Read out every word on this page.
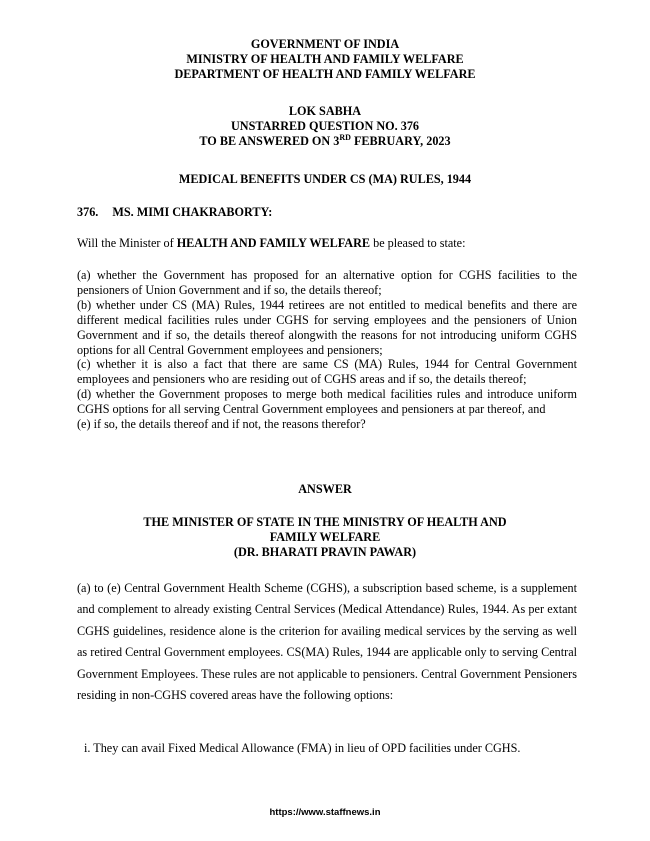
GOVERNMENT OF INDIA
MINISTRY OF HEALTH AND FAMILY WELFARE
DEPARTMENT OF HEALTH AND FAMILY WELFARE
LOK SABHA
UNSTARRED QUESTION NO. 376
TO BE ANSWERED ON 3RD FEBRUARY, 2023
MEDICAL BENEFITS UNDER CS (MA) RULES, 1944
376. MS. MIMI CHAKRABORTY:
Will the Minister of HEALTH AND FAMILY WELFARE be pleased to state:

(a) whether the Government has proposed for an alternative option for CGHS facilities to the pensioners of Union Government and if so, the details thereof;

(b) whether under CS (MA) Rules, 1944 retirees are not entitled to medical benefits and there are different medical facilities rules under CGHS for serving employees and the pensioners of Union Government and if so, the details thereof alongwith the reasons for not introducing uniform CGHS options for all Central Government employees and pensioners;

(c) whether it is also a fact that there are same CS (MA) Rules, 1944 for Central Government employees and pensioners who are residing out of CGHS areas and if so, the details thereof;

(d) whether the Government proposes to merge both medical facilities rules and introduce uniform CGHS options for all serving Central Government employees and pensioners at par thereof, and

(e) if so, the details thereof and if not, the reasons therefor?

ANSWER
THE MINISTER OF STATE IN THE MINISTRY OF HEALTH AND
FAMILY WELFARE
(DR. BHARATI PRAVIN PAWAR)
(a) to (e) Central Government Health Scheme (CGHS), a subscription based scheme, is a supplement and complement to already existing Central Services (Medical Attendance) Rules, 1944. As per extant CGHS guidelines, residence alone is the criterion for availing medical services by the serving as well as retired Central Government employees. CS(MA) Rules, 1944 are applicable only to serving Central Government Employees. These rules are not applicable to pensioners. Central Government Pensioners residing in non-CGHS covered areas have the following options:
i. They can avail Fixed Medical Allowance (FMA) in lieu of OPD facilities under CGHS.
https://www.staffnews.in
